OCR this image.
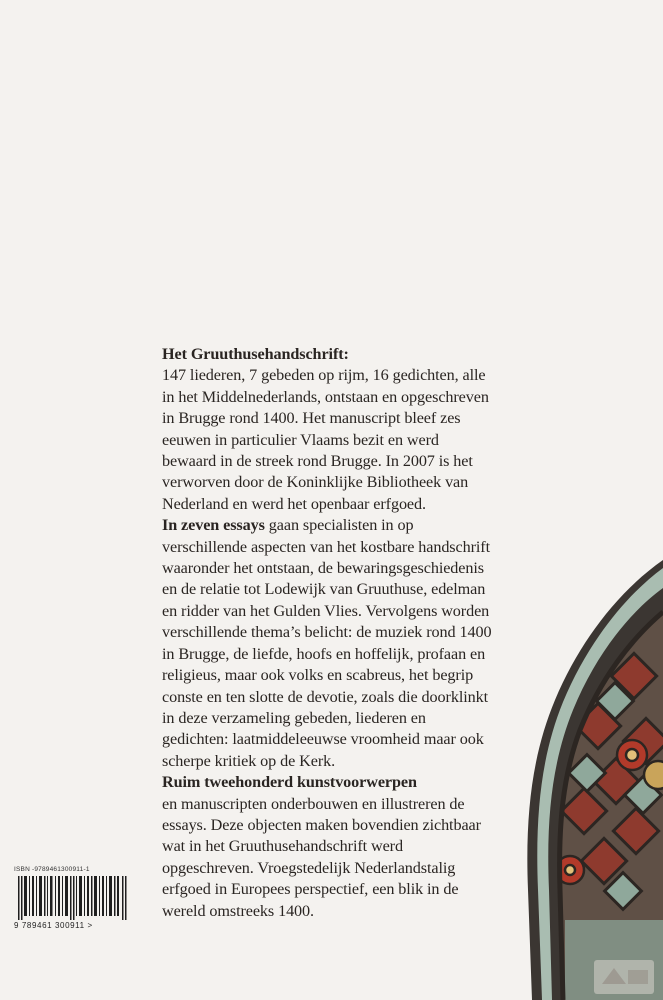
Het Gruuthusehandschrift:
147 liederen, 7 gebeden op rijm, 16 gedichten, alle in het Middelnederlands, ontstaan en opgeschreven in Brugge rond 1400. Het manuscript bleef zes eeuwen in particulier Vlaams bezit en werd bewaard in de streek rond Brugge. In 2007 is het verworven door de Koninklijke Bibliotheek van Nederland en werd het openbaar erfgoed.

In zeven essays gaan specialisten in op verschillende aspecten van het kostbare handschrift waaronder het ontstaan, de bewaringsgeschiedenis en de relatie tot Lodewijk van Gruuthuse, edelman en ridder van het Gulden Vlies. Vervolgens worden verschillende thema’s belicht: de muziek rond 1400 in Brugge, de liefde, hoofs en hoffelijk, profaan en religieus, maar ook volks en scabreus, het begrip conste en ten slotte de devotie, zoals die doorklinkt in deze verzameling gebeden, liederen en gedichten: laatmiddeleeuwse vroomheid maar ook scherpe kritiek op de Kerk.

Ruim tweehonderd kunstvoorwerpen
en manuscripten onderbouwen en illustreren de essays. Deze objecten maken bovendien zichtbaar wat in het Gruuthusehandschrift werd opgeschreven. Vroegstedelijk Nederlandstalig erfgoed in Europees perspectief, een blik in de wereld omstreeks 1400.

ISBN -9789461300911-1
9 789461 300911 >
